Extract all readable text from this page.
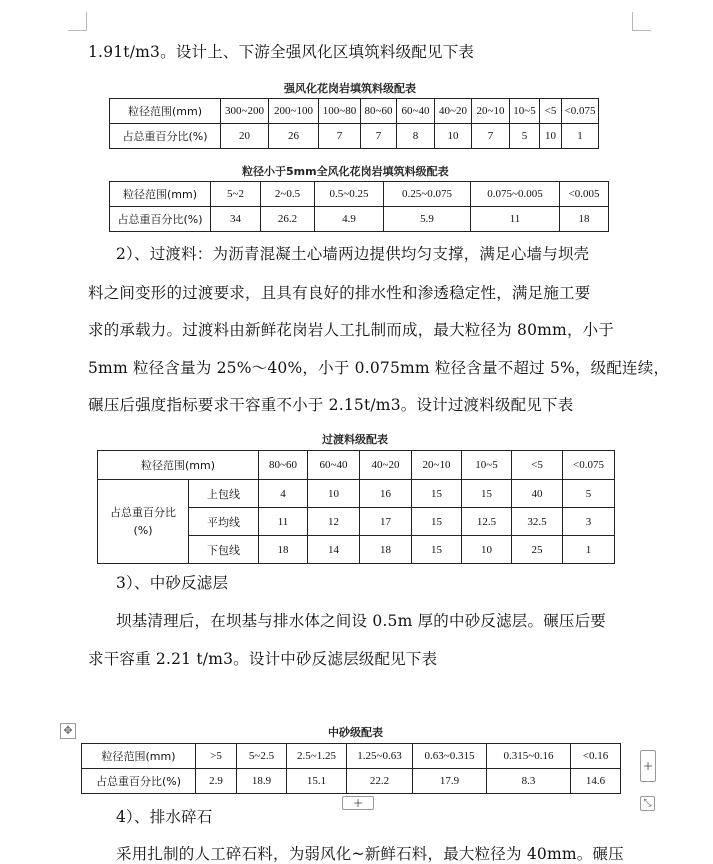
1.91t/m3。设计上、下游全强风化区填筑料级配见下表
强风化花岗岩填筑料级配表
粒径范围(mm)	300~200	200~100	100~80	80~60	60~40	40~20	20~10	10~5	<5	<0.075
占总重百分比(%)	20	26	7	7	8	10	7	5	10	1
粒径小于5mm全风化花岗岩填筑料级配表
粒径范围(mm)	5~2	2~0.5	0.5~0.25	0.25~0.075	0.075~0.005	<0.005
占总重百分比(%)	34	26.2	4.9	5.9	11	18
2）、过渡料：为沥青混凝土心墙两边提供均匀支撑，满足心墙与坝壳
料之间变形的过渡要求，且具有良好的排水性和渗透稳定性，满足施工要
求的承载力。过渡料由新鲜花岗岩人工扎制而成，最大粒径为 80mm，小于
5mm 粒径含量为 25%～40%，小于 0.075mm 粒径含量不超过 5%，级配连续，
碾压后强度指标要求干容重不小于 2.15t/m3。设计过渡料级配见下表
过渡料级配表
粒径范围(mm)		80~60	60~40	40~20	20~10	10~5	<5	<0.075
占总重百分比
(%)	上包线	4	10	16	15	15	40	5
	平均线	11	12	17	15	12.5	32.5	3
	下包线	18	14	18	15	10	25	1
3）、中砂反滤层
坝基清理后，在坝基与排水体之间设 0.5m 厚的中砂反滤层。碾压后要
求干容重 2.21 t/m3。设计中砂反滤层级配见下表
✥	中砂级配表
粒径范围(mm)	>5	5~2.5	2.5~1.25	1.25~0.63	0.63~0.315	0.315~0.16	<0.16
占总重百分比(%)	2.9	18.9	15.1	22.2	17.9	8.3	14.6
+
+	⤡
4）、排水碎石
采用扎制的人工碎石料，为弱风化~新鲜石料，最大粒径为 40mm。碾压
